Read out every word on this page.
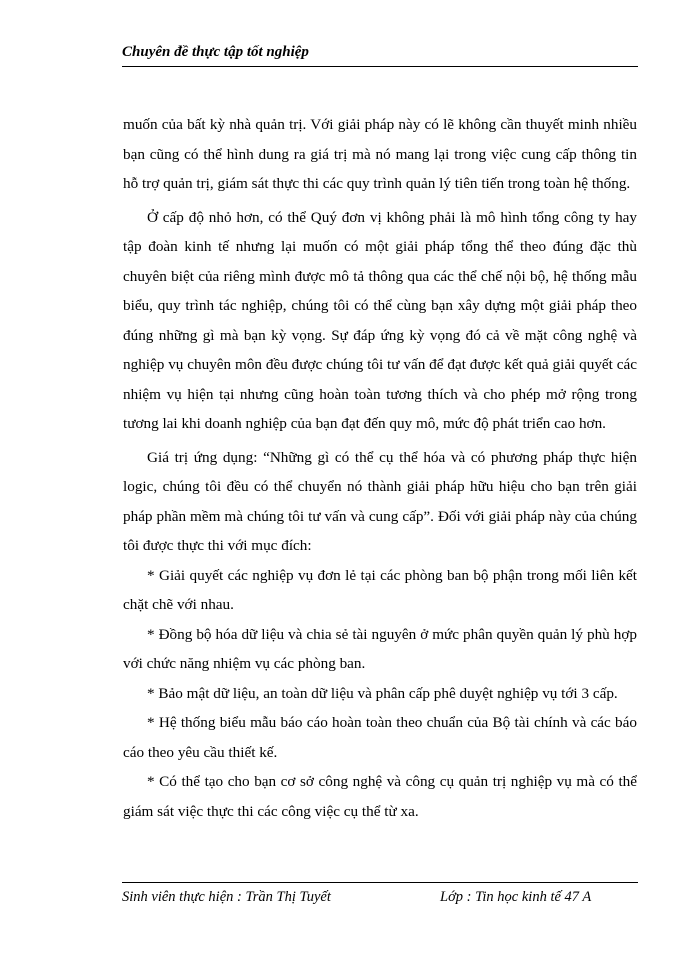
Chuyên đề thực tập tốt nghiệp

muốn của bất kỳ nhà quản trị. Với giải pháp này có lẽ không cần thuyết minh nhiều bạn cũng có thể hình dung ra giá trị mà nó mang lại trong việc cung cấp thông tin hỗ trợ quản trị, giám sát thực thi các quy trình quản lý tiên tiến trong toàn hệ thống.

Ở cấp độ nhỏ hơn, có thể Quý đơn vị không phải là mô hình tổng công ty hay tập đoàn kinh tế nhưng lại muốn có một giải pháp tổng thể theo đúng đặc thù chuyên biệt của riêng mình được mô tả thông qua các thể chế nội bộ, hệ thống mẫu biểu, quy trình tác nghiệp, chúng tôi có thể cùng bạn xây dựng một giải pháp theo đúng những gì mà bạn kỳ vọng. Sự đáp ứng kỳ vọng đó cả về mặt công nghệ và nghiệp vụ chuyên môn đều được chúng tôi tư vấn để đạt được kết quả giải quyết các nhiệm vụ hiện tại nhưng cũng hoàn toàn tương thích và cho phép mở rộng trong tương lai khi doanh nghiệp của bạn đạt đến quy mô, mức độ phát triển cao hơn.

Giá trị ứng dụng: “Những gì có thể cụ thể hóa và có phương pháp thực hiện logic, chúng tôi đều có thể chuyển nó thành giải pháp hữu hiệu cho bạn trên giải pháp phần mềm mà chúng tôi tư vấn và cung cấp”. Đối với giải pháp này của chúng tôi được thực thi với mục đích:

* Giải quyết các nghiệp vụ đơn lẻ tại các phòng ban bộ phận trong mối liên kết chặt chẽ với nhau.

* Đồng bộ hóa dữ liệu và chia sẻ tài nguyên ở mức phân quyền quản lý phù hợp với chức năng nhiệm vụ các phòng ban.

* Bảo mật dữ liệu, an toàn dữ liệu và phân cấp phê duyệt nghiệp vụ tới 3 cấp.

* Hệ thống biểu mẫu báo cáo hoàn toàn theo chuẩn của Bộ tài chính và các báo cáo theo yêu cầu thiết kế.

* Có thể tạo cho bạn cơ sở công nghệ và công cụ quản trị nghiệp vụ mà có thể giám sát việc thực thi các công việc cụ thể từ xa.

Sinh viên thực hiện : Trần Thị Tuyết	Lớp : Tin học kinh tế 47 A
